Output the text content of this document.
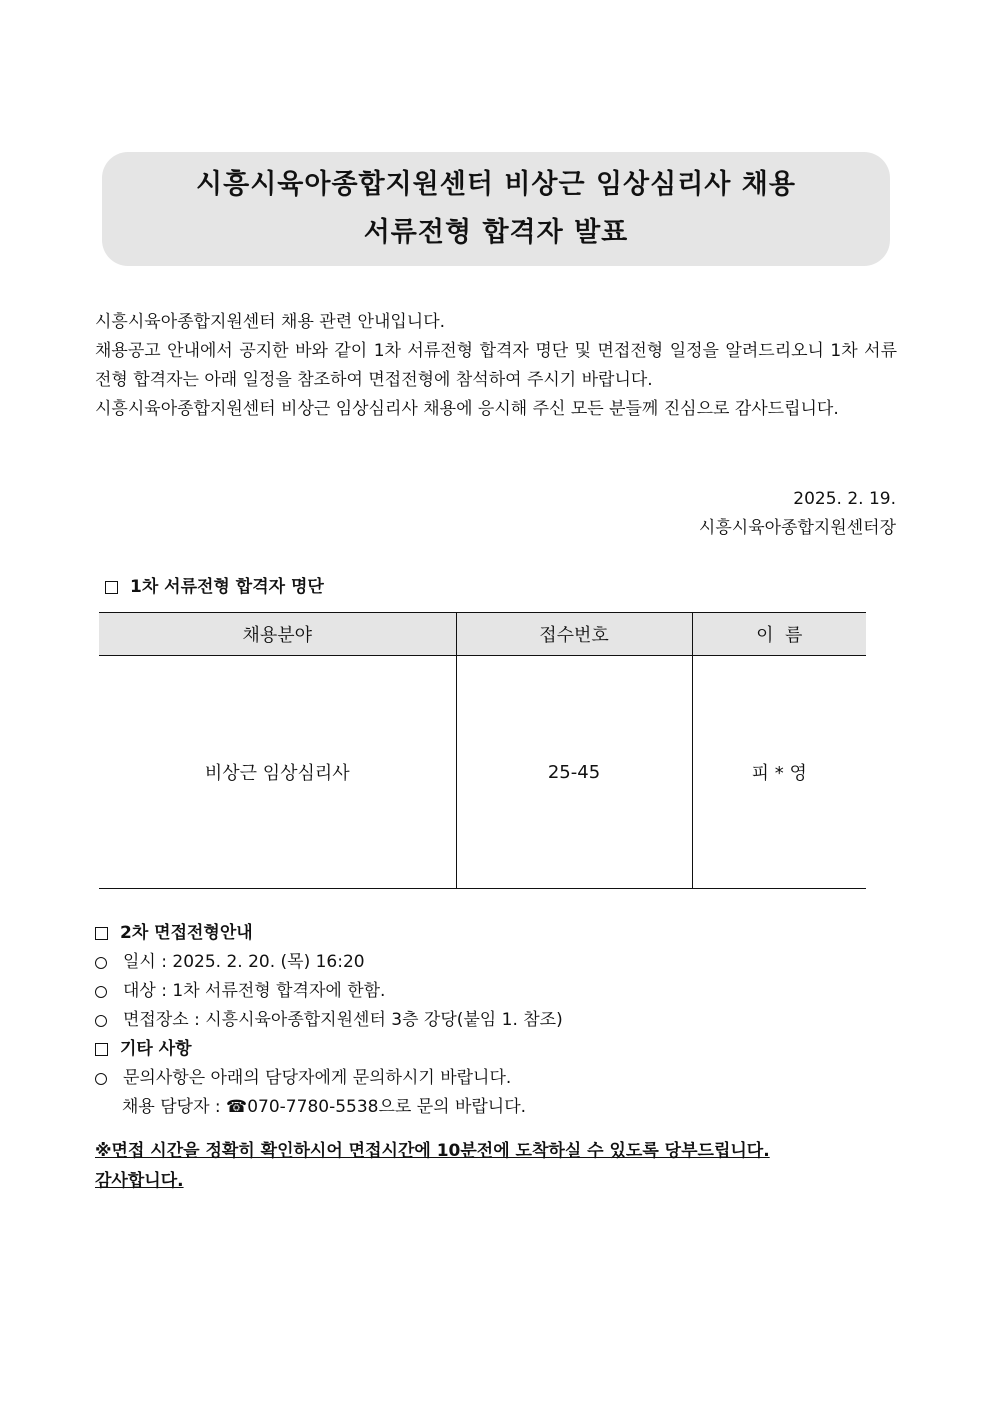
시흥시육아종합지원센터 비상근 임상심리사 채용
서류전형 합격자 발표

시흥시육아종합지원센터 채용 관련 안내입니다.

채용공고 안내에서 공지한 바와 같이 1차 서류전형 합격자 명단 및 면접전형 일정을 알려드리오니 1차 서류전형 합격자는 아래 일정을 참조하여 면접전형에 참석하여 주시기 바랍니다.

시흥시육아종합지원센터 비상근 임상심리사 채용에 응시해 주신 모든 분들께 진심으로 감사드립니다.

2025. 2. 19.
시흥시육아종합지원센터장
1차 서류전형 합격자 명단
채용분야	접수번호	이  름
비상근 임상심리사	25-45	피 * 영
2차 면접전형안내
일시 : 2025. 2. 20. (목) 16:20
대상 : 1차 서류전형 합격자에 한함.
면접장소 : 시흥시육아종합지원센터 3층 강당(붙임 1. 참조)
기타 사항
문의사항은 아래의 담당자에게 문의하시기 바랍니다.
채용 담당자 : ☎070-7780-5538으로 문의 바랍니다.
※면접 시간을 정확히 확인하시어 면접시간에 10분전에 도착하실 수 있도록 당부드립니다.
감사합니다.
